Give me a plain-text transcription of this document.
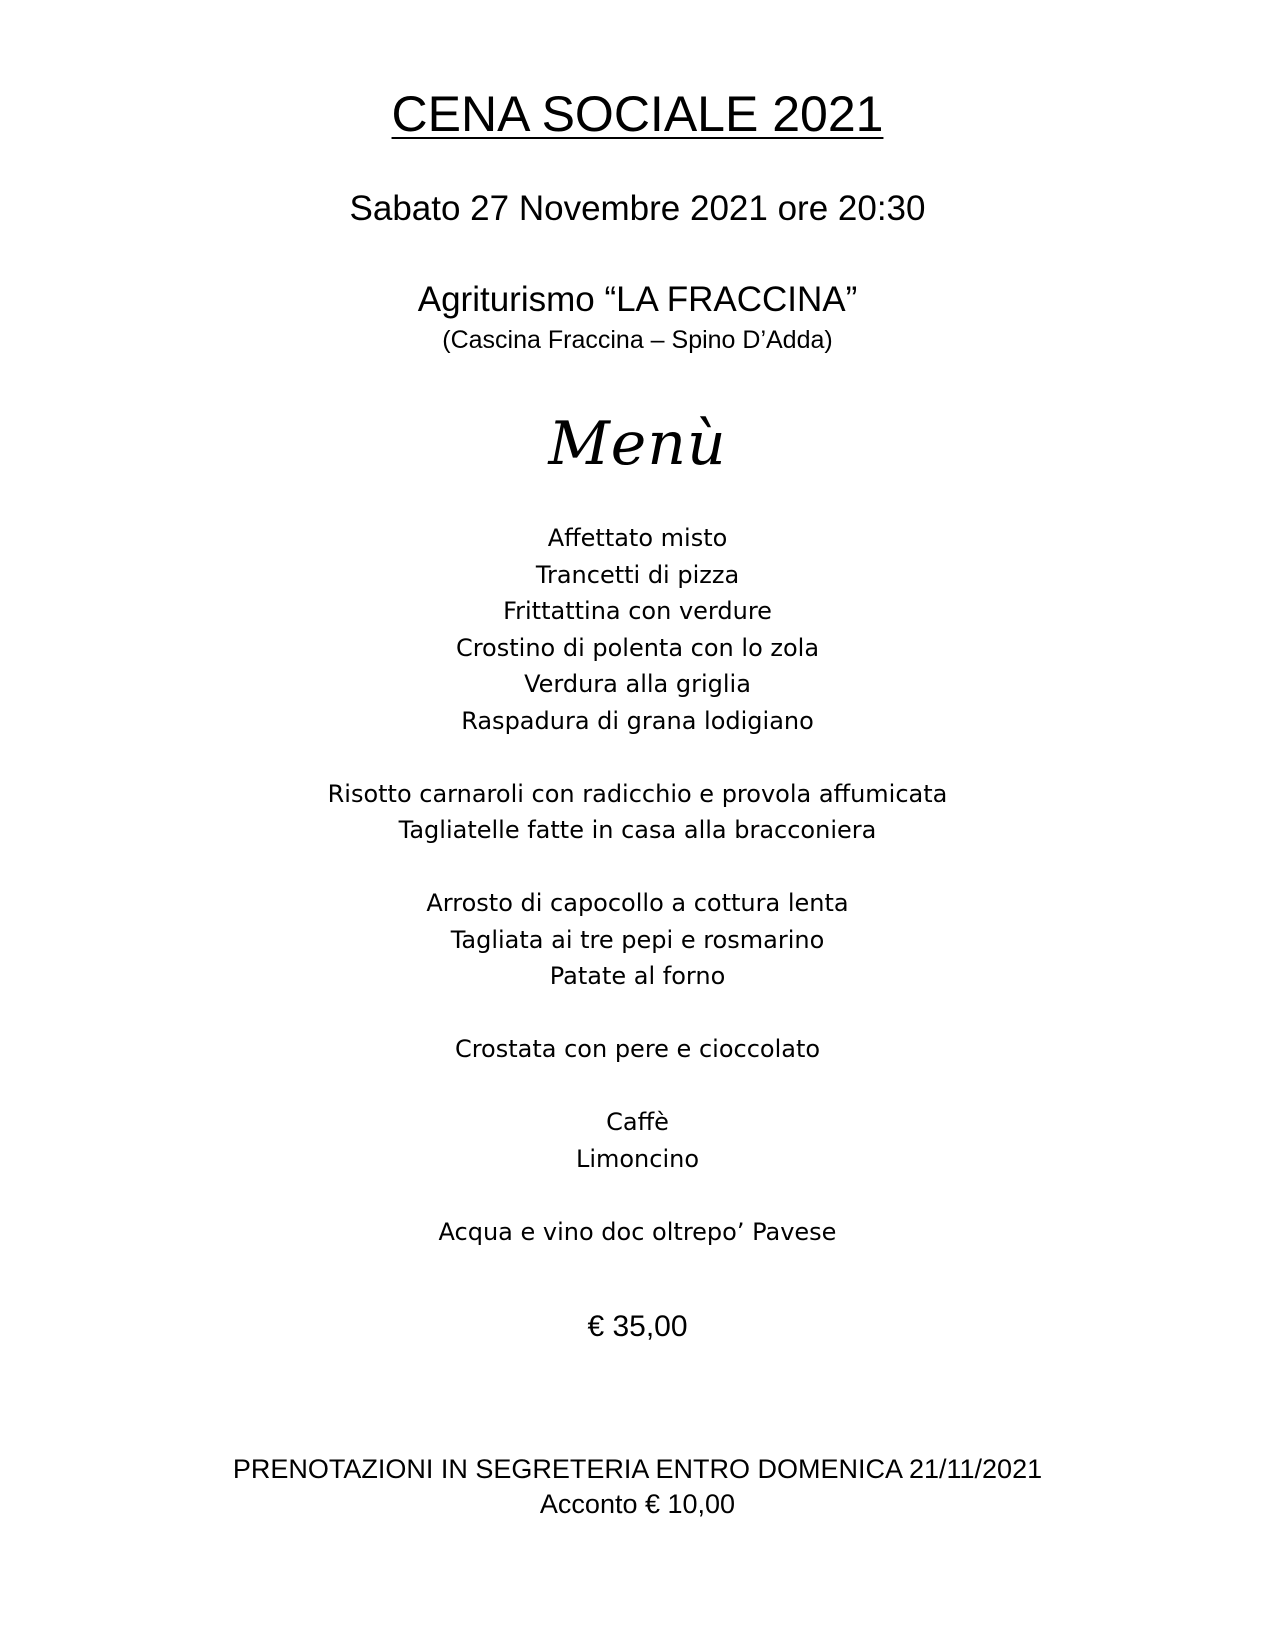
CENA SOCIALE 2021
Sabato 27 Novembre 2021 ore 20:30
Agriturismo “LA FRACCINA”
(Cascina Fraccina – Spino D’Adda)
Menù
Affettato misto
Trancetti di pizza
Frittattina con verdure
Crostino di polenta con lo zola
Verdura alla griglia
Raspadura di grana lodigiano
Risotto carnaroli con radicchio e provola affumicata
Tagliatelle fatte in casa alla bracconiera
Arrosto di capocollo a cottura lenta
Tagliata ai tre pepi e rosmarino
Patate al forno
Crostata con pere e cioccolato
Caffè
Limoncino
Acqua e vino doc oltrepo’ Pavese
€ 35,00
PRENOTAZIONI IN SEGRETERIA ENTRO DOMENICA 21/11/2021
Acconto € 10,00
